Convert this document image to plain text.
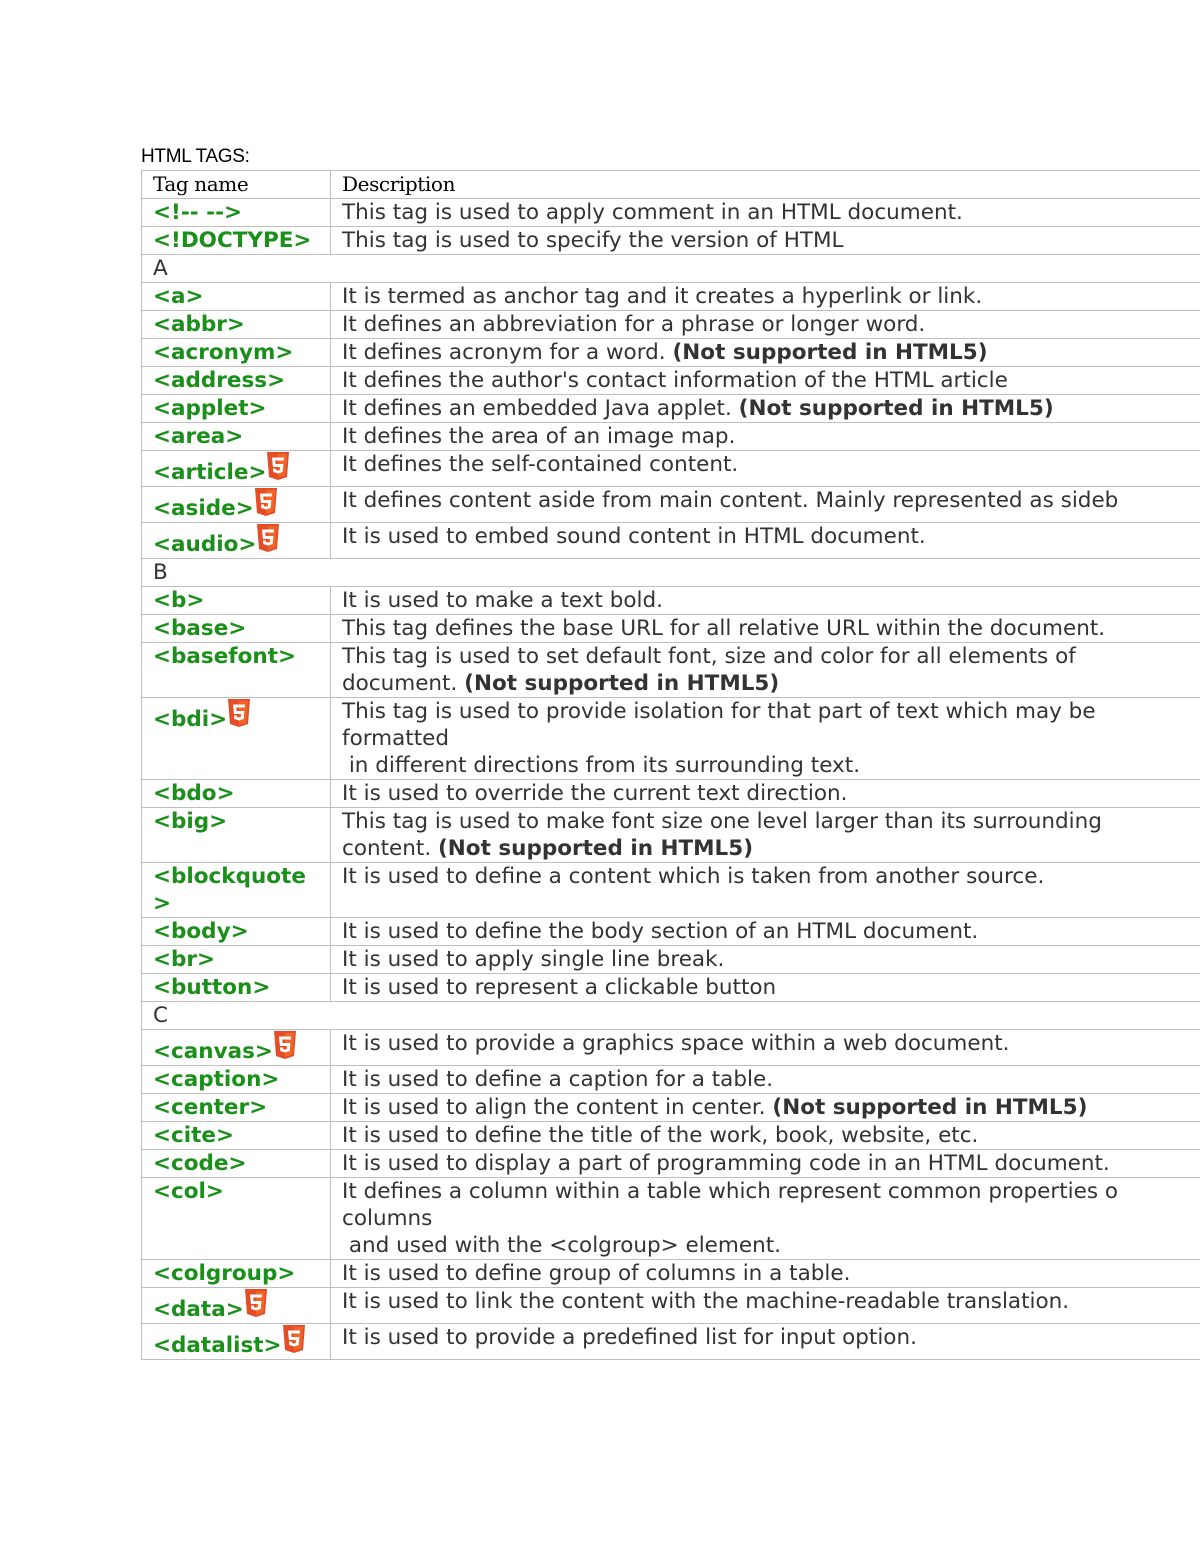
HTML TAGS:
Tag name	Description
<!-- -->	This tag is used to apply comment in an HTML document.
<!DOCTYPE>	This tag is used to specify the version of HTML
A	
<a>	It is termed as anchor tag and it creates a hyperlink or link.
<abbr>	It defines an abbreviation for a phrase or longer word.
<acronym>	It defines acronym for a word. (Not supported in HTML5)
<address>	It defines the author's contact information of the HTML article
<applet>	It defines an embedded Java applet. (Not supported in HTML5)
<area>	It defines the area of an image map.
<article>	It defines the self-contained content.
<aside>	It defines content aside from main content. Mainly represented as sideb
<audio>	It is used to embed sound content in HTML document.
B	
<b>	It is used to make a text bold.
<base>	This tag defines the base URL for all relative URL within the document.
<basefont>	This tag is used to set default font, size and color for all elements of
document. (Not supported in HTML5)
<bdi>	This tag is used to provide isolation for that part of text which may be
formatted
in different directions from its surrounding text.
<bdo>	It is used to override the current text direction.
<big>	This tag is used to make font size one level larger than its surrounding
content. (Not supported in HTML5)
<blockquote
>	It is used to define a content which is taken from another source.
<body>	It is used to define the body section of an HTML document.
<br>	It is used to apply single line break.
<button>	It is used to represent a clickable button
C	
<canvas>	It is used to provide a graphics space within a web document.
<caption>	It is used to define a caption for a table.
<center>	It is used to align the content in center. (Not supported in HTML5)
<cite>	It is used to define the title of the work, book, website, etc.
<code>	It is used to display a part of programming code in an HTML document.
<col>	It defines a column within a table which represent common properties o
columns
and used with the <colgroup> element.
<colgroup>	It is used to define group of columns in a table.
<data>	It is used to link the content with the machine-readable translation.
<datalist>	It is used to provide a predefined list for input option.
